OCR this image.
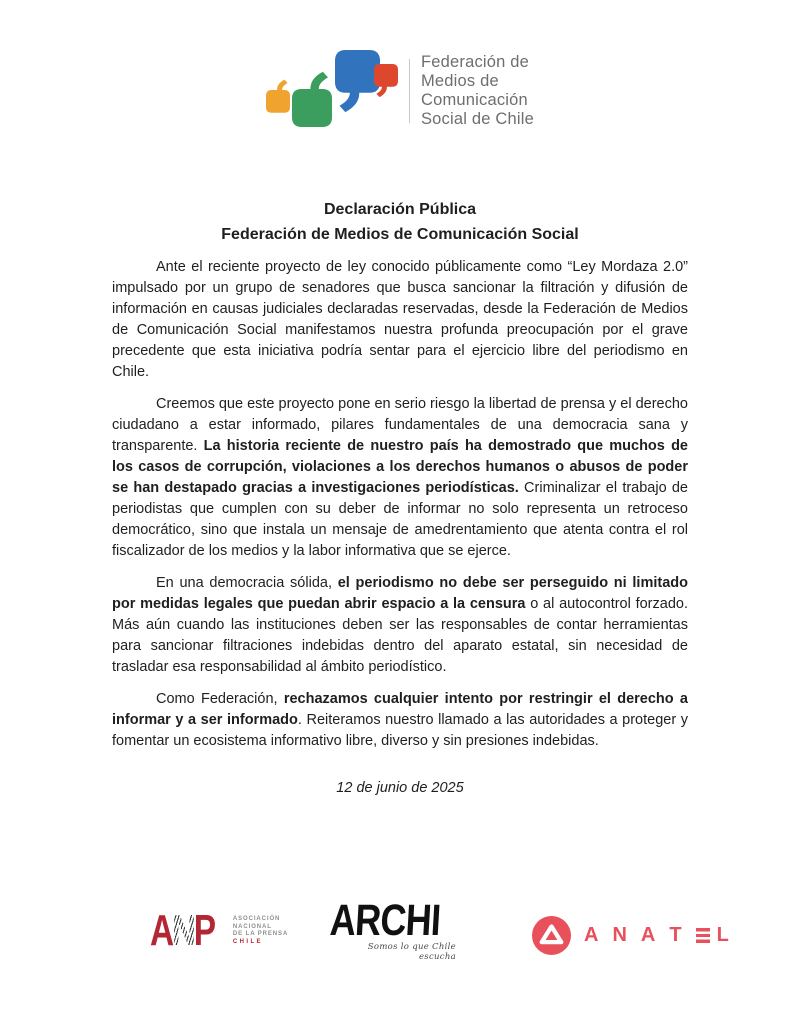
Federación de
Medios de
Comunicación
Social de Chile
Declaración Pública
Federación de Medios de Comunicación Social

Ante el reciente proyecto de ley conocido públicamente como “Ley Mordaza 2.0” impulsado por un grupo de senadores que busca sancionar la filtración y difusión de información en causas judiciales declaradas reservadas, desde la Federación de Medios de Comunicación Social manifestamos nuestra profunda preocupación por el grave precedente que esta iniciativa podría sentar para el ejercicio libre del periodismo en Chile.

Creemos que este proyecto pone en serio riesgo la libertad de prensa y el derecho ciudadano a estar informado, pilares fundamentales de una democracia sana y transparente. La historia reciente de nuestro país ha demostrado que muchos de los casos de corrupción, violaciones a los derechos humanos o abusos de poder se han destapado gracias a investigaciones periodísticas. Criminalizar el trabajo de periodistas que cumplen con su deber de informar no solo representa un retroceso democrático, sino que instala un mensaje de amedrentamiento que atenta contra el rol fiscalizador de los medios y la labor informativa que se ejerce.

En una democracia sólida, el periodismo no debe ser perseguido ni limitado por medidas legales que puedan abrir espacio a la censura o al autocontrol forzado. Más aún cuando las instituciones deben ser las responsables de contar herramientas para sancionar filtraciones indebidas dentro del aparato estatal, sin necesidad de trasladar esa responsabilidad al ámbito periodístico.

Como Federación, rechazamos cualquier intento por restringir el derecho a informar y a ser informado. Reiteramos nuestro llamado a las autoridades a proteger y fomentar un ecosistema informativo libre, diverso y sin presiones indebidas.

12 de junio de 2025

ANP	ASOCIACIÓN
NACIONAL
DE LA PRENSA
CHILE	ARCHI
Somos lo que Chile escucha
A N A T L
